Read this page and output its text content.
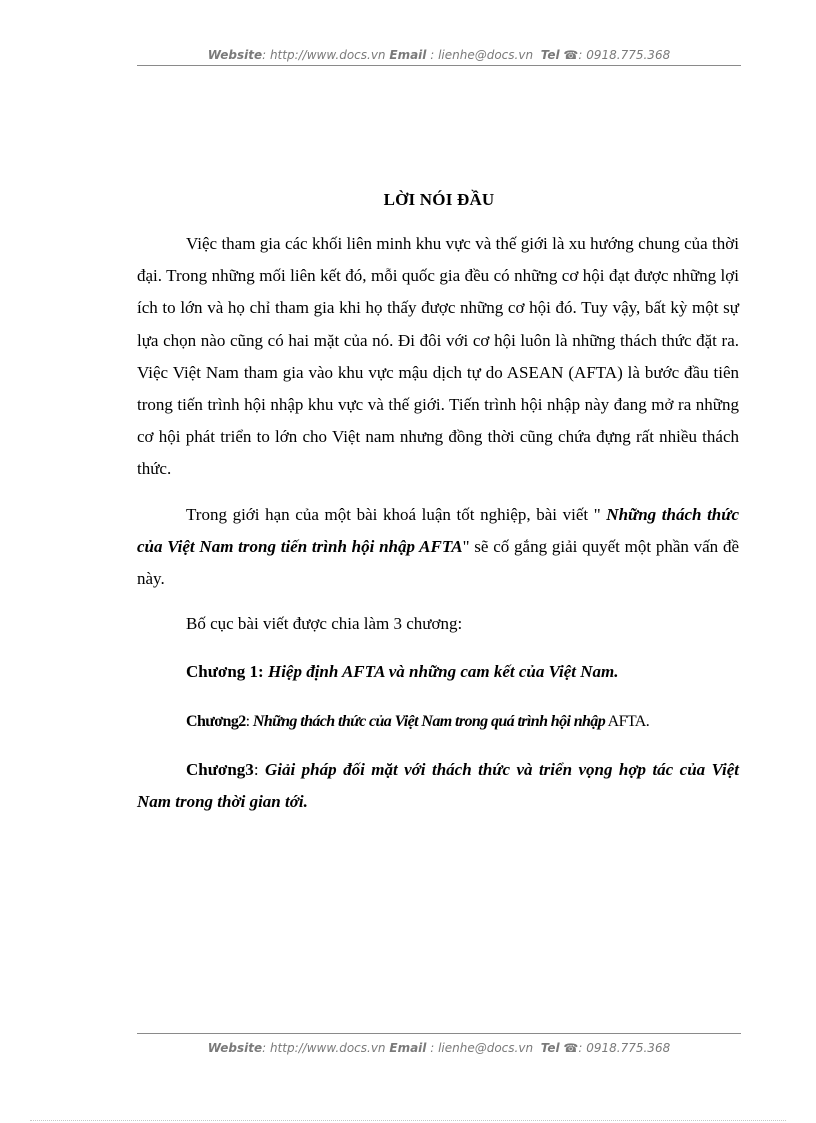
Website: http://www.docs.vn Email : lienhe@docs.vn Tel ☎: 0918.775.368
LỜI NÓI ĐẦU

Việc tham gia các khối liên minh khu vực và thế giới là xu hướng chung của thời đại. Trong những mối liên kết đó, mỗi quốc gia đều có những cơ hội đạt được những lợi ích to lớn và họ chỉ tham gia khi họ thấy được những cơ hội đó. Tuy vậy, bất kỳ một sự lựa chọn nào cũng có hai mặt của nó. Đi đôi với cơ hội luôn là những thách thức đặt ra. Việc Việt Nam tham gia vào khu vực mậu dịch tự do ASEAN (AFTA) là bước đầu tiên trong tiến trình hội nhập khu vực và thế giới. Tiến trình hội nhập này đang mở ra những cơ hội phát triển to lớn cho Việt nam nhưng đồng thời cũng chứa đựng rất nhiều thách thức.

Trong giới hạn của một bài khoá luận tốt nghiệp, bài viết " Những thách thức của Việt Nam trong tiến trình hội nhập AFTA" sẽ cố gắng giải quyết một phần vấn đề này.

Bố cục bài viết được chia làm 3 chương:

Chương 1: Hiệp định AFTA và những cam kết của Việt Nam.

Chương2: Những thách thức của Việt Nam trong quá trình hội nhập AFTA.

Chương3: Giải pháp đối mặt với thách thức và triển vọng hợp tác của Việt Nam trong thời gian tới.

Website: http://www.docs.vn Email : lienhe@docs.vn Tel ☎: 0918.775.368
